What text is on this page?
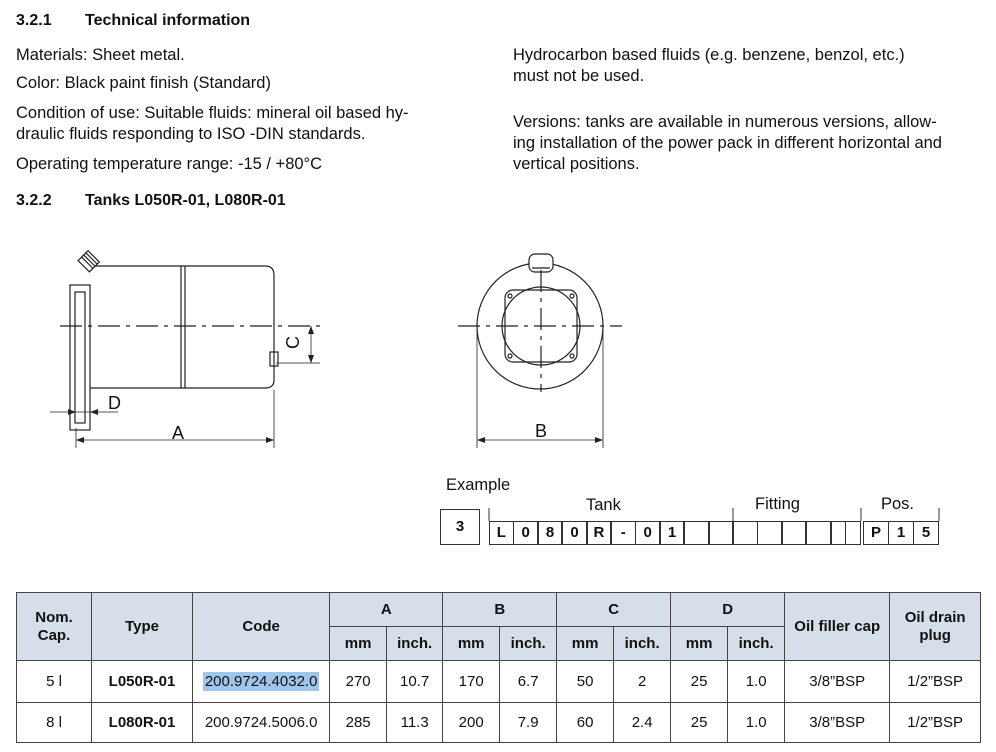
3.2.1 Technical information
Materials: Sheet metal.
Color: Black paint finish (Standard)
Condition of use: Suitable fluids: mineral oil based hy-
draulic fluids responding to ISO -DIN standards.
Operating temperature range: -15 / +80°C
Hydrocarbon based fluids (e.g. benzene, benzol, etc.)
must not be used.
Versions: tanks are available in numerous versions, allow-
ing installation of the power pack in different horizontal and
vertical positions.
3.2.2 Tanks L050R-01, L080R-01
A
D
C
B
Example
Tank	Fitting	Pos.
3	L	0	8	0 R	-	0	1	P	1	5
Nom. Cap.	Type	Code	A		B		C		D		Oil filler cap	Oil drain plug
			mm	inch.	mm	inch.	mm	inch.	mm	inch.		
5 l	L050R-01	200.9724.4032.0	270	10.7	170	6.7	50	2	25	1.0	3/8”BSP	1/2”BSP
8 l	L080R-01	200.9724.5006.0	285	11.3	200	7.9	60	2.4	25	1.0	3/8”BSP	1/2”BSP
